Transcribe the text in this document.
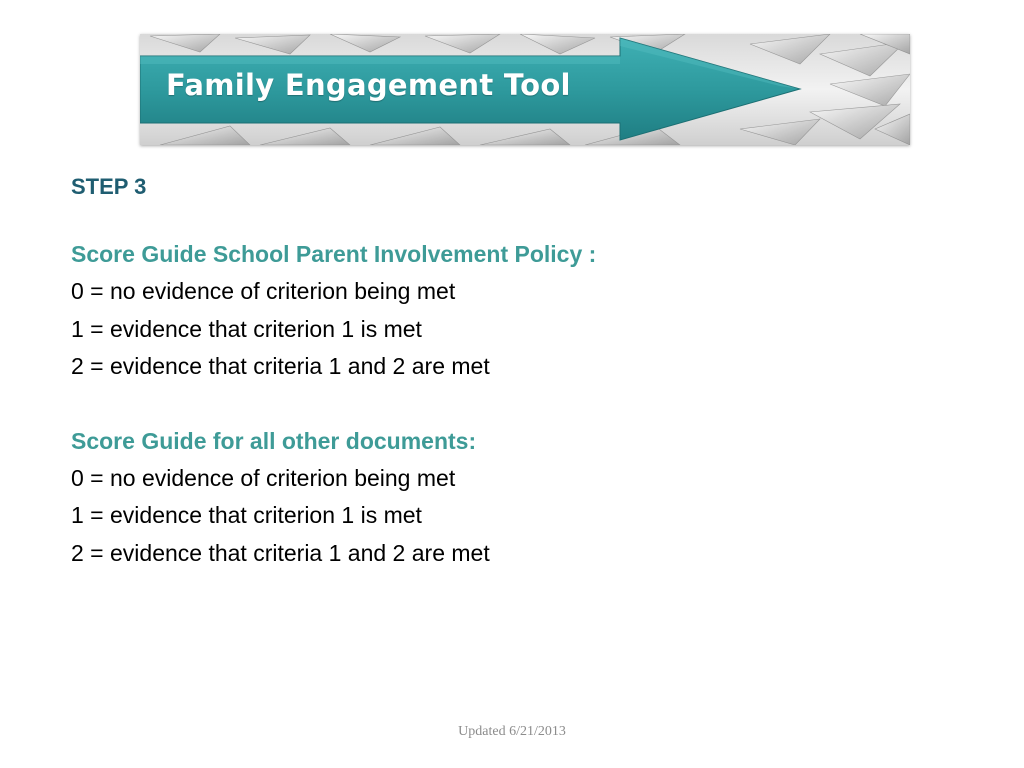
Family Engagement Tool
STEP 3
Score Guide School Parent Involvement Policy :
0 = no evidence of criterion being met
1 = evidence that criterion 1 is met
2 = evidence that criteria 1 and 2 are met
Score Guide for all other documents:
0 = no evidence of criterion being met
1 = evidence that criterion 1 is met
2 = evidence that criteria 1 and 2 are met
Updated 6/21/2013
